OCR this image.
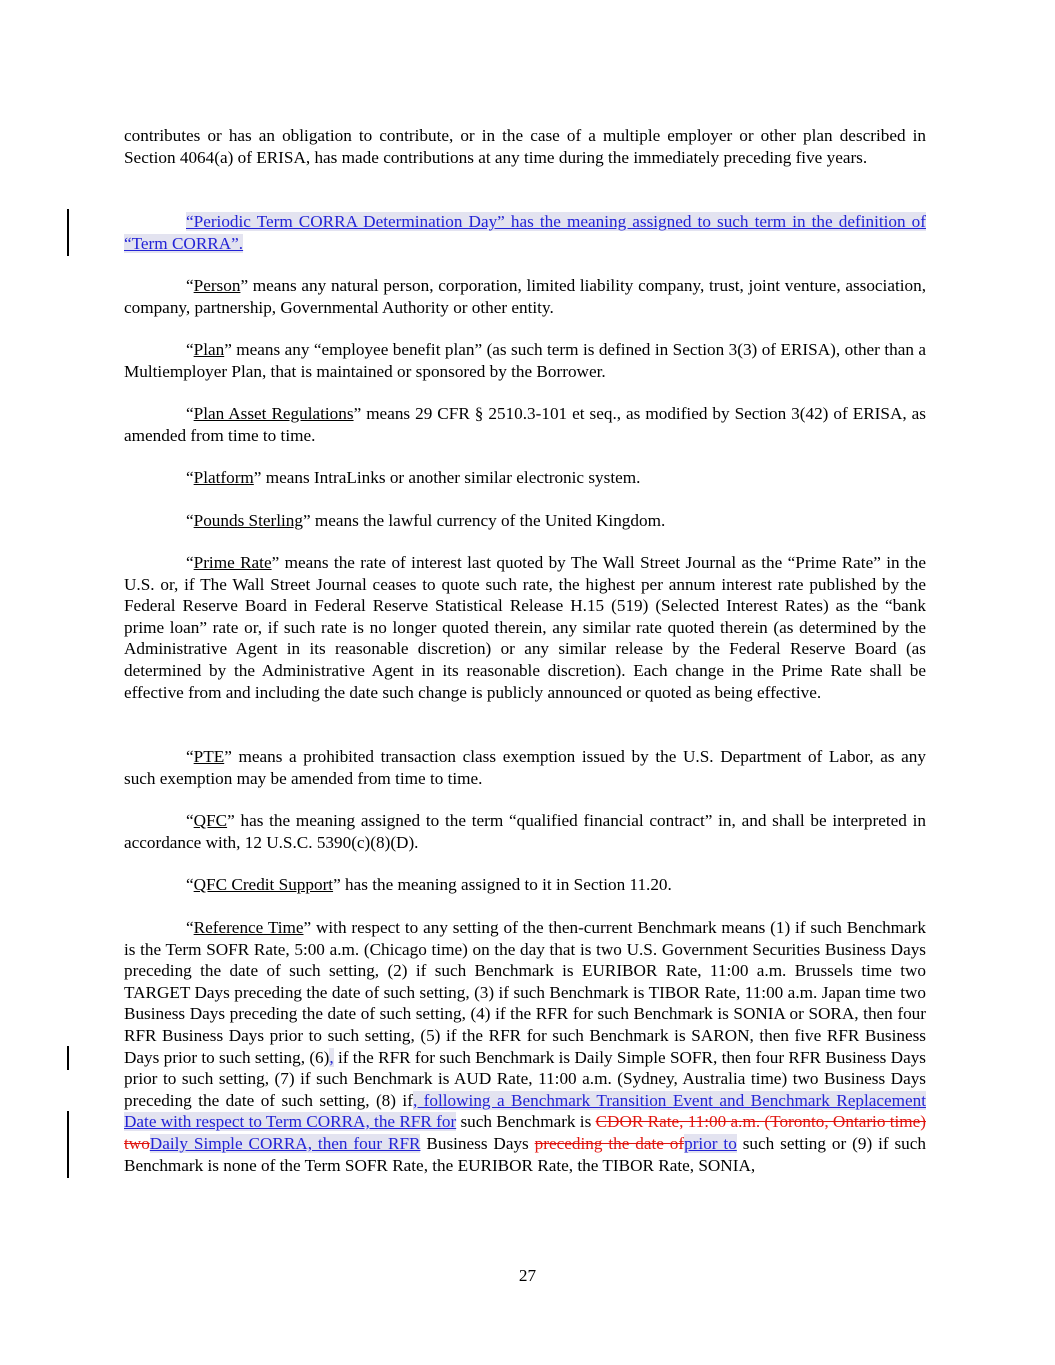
contributes or has an obligation to contribute, or in the case of a multiple employer or other plan described in Section 4064(a) of ERISA, has made contributions at any time during the immediately preceding five years.

“Periodic Term CORRA Determination Day” has the meaning assigned to such term in the definition of “Term CORRA”.

“Person” means any natural person, corporation, limited liability company, trust, joint venture, association, company, partnership, Governmental Authority or other entity.

“Plan” means any “employee benefit plan” (as such term is defined in Section 3(3) of ERISA), other than a Multiemployer Plan, that is maintained or sponsored by the Borrower.

“Plan Asset Regulations” means 29 CFR § 2510.3-101 et seq., as modified by Section 3(42) of ERISA, as amended from time to time.

“Platform” means IntraLinks or another similar electronic system.

“Pounds Sterling” means the lawful currency of the United Kingdom.

“Prime Rate” means the rate of interest last quoted by The Wall Street Journal as the “Prime Rate” in the U.S. or, if The Wall Street Journal ceases to quote such rate, the highest per annum interest rate published by the Federal Reserve Board in Federal Reserve Statistical Release H.15 (519) (Selected Interest Rates) as the “bank prime loan” rate or, if such rate is no longer quoted therein, any similar rate quoted therein (as determined by the Administrative Agent in its reasonable discretion) or any similar release by the Federal Reserve Board (as determined by the Administrative Agent in its reasonable discretion). Each change in the Prime Rate shall be effective from and including the date such change is publicly announced or quoted as being effective.

“PTE” means a prohibited transaction class exemption issued by the U.S. Department of Labor, as any such exemption may be amended from time to time.

“QFC” has the meaning assigned to the term “qualified financial contract” in, and shall be interpreted in accordance with, 12 U.S.C. 5390(c)(8)(D).

“QFC Credit Support” has the meaning assigned to it in Section 11.20.

“Reference Time” with respect to any setting of the then-current Benchmark means (1) if such Benchmark is the Term SOFR Rate, 5:00 a.m. (Chicago time) on the day that is two U.S. Government Securities Business Days preceding the date of such setting, (2) if such Benchmark is EURIBOR Rate, 11:00 a.m. Brussels time two TARGET Days preceding the date of such setting, (3) if such Benchmark is TIBOR Rate, 11:00 a.m. Japan time two Business Days preceding the date of such setting, (4) if the RFR for such Benchmark is SONIA or SORA, then four RFR Business Days prior to such setting, (5) if the RFR for such Benchmark is SARON, then five RFR Business Days prior to such setting, (6), if the RFR for such Benchmark is Daily Simple SOFR, then four RFR Business Days prior to such setting, (7) if such Benchmark is AUD Rate, 11:00 a.m. (Sydney, Australia time) two Business Days preceding the date of such setting, (8) if, following a Benchmark Transition Event and Benchmark Replacement Date with respect to Term CORRA, the RFR for such Benchmark is CDOR Rate, 11:00 a.m. (Toronto, Ontario time) twoDaily Simple CORRA, then four RFR Business Days preceding the date ofprior to such setting or (9) if such Benchmark is none of the Term SOFR Rate, the EURIBOR Rate, the TIBOR Rate, SONIA,

27
